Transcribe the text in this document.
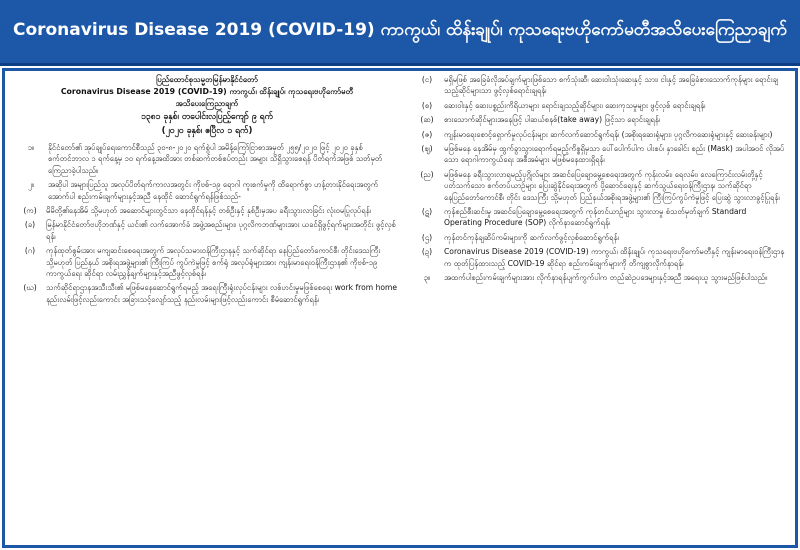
Coronavirus Disease 2019 (COVID-19) ကာကွယ်၊ ထိန်းချုပ်၊ ကုသရေးဗဟိုကော်မတီအသိပေးကြေညာချက်
ပြည်ထောင်စုသမ္မတမြန်မာနိုင်ငံတော်
Coronavirus Disease 2019 (COVID-19) ကာကွယ်၊ ထိန်းချုပ်၊ ကုသရေးဗဟိုကော်မတီ
အသိပေးကြေညာချက်
၁၃၈၁ ခုနှစ်၊ တပေါင်းလပြည့်ကျော် ၉ ရက်
(၂၀၂၀ ခုနှစ်၊ ဧပြီလ ၁ ရက်)
၁။	နိုင်ငံတော်၏ အုပ်ချုပ်ရေးကောင်စီသည် ၃၀-၈-၂၀၂၀ ရက်စွဲပါ အမိန့်ကြော်ငြာစာအမှတ် ၂၅၅/၂၀၂၀ ဖြင့် ၂၀၂၀ ခုနှစ် စက်တင်ဘာလ ၁ ရက်နေ့မှ ၁၀ ရက်နေ့အထိအား တစ်ဆက်တစ်စပ်တည်း အများ သိရှိသွားစေရန် ပိတ်ရက်အဖြစ် သတ်မှတ်ကြေညာခဲ့ပါသည်။
၂။	အဆိုပါ အများပြည်သူ အလုပ်ပိတ်ရက်ကာလအတွင်း ကိုဗစ်-၁၉ ရောဂါ ကူးစက်မှုကို ထိရောက်စွာ ဟန့်တားနိုင်ရေးအတွက် အောက်ပါ စည်းကမ်းချက်များနှင့်အညီ နေထိုင် ဆောင်ရွက်ရန်ဖြစ်သည်-
(က)	မိမိတို့၏နေအိမ် သို့မဟုတ် အဆောင်များတွင်သာ နေထိုင်ရန်နှင့် တစ်ဦးနှင့် နှစ်ဦးမှအပ ခရီးသွားလာခြင်း လုံးဝမပြုလုပ်ရန်၊
(ခ)	မြန်မာနိုင်ငံတော်ဗဟိုဘဏ်နှင့် ယင်း၏ လက်အောက်ခံ အဖွဲ့အစည်းများ၊ ပုဂ္ဂလိကဘဏ်များအား ယခင်ရှိဖွင့်ရက်များအတိုင်း ဖွင့်လှစ်ရန်၊
(ဂ)	ကုန်ထုတ်စွမ်းအား မကျဆင်းစေရေးအတွက် အလုပ်သမားဝန်ကြီးဌာနနှင့် သက်ဆိုင်ရာ နေပြည်တော်ကောင်စီ၊ တိုင်းဒေသကြီး သို့မဟုတ် ပြည်နယ် အစိုးရအဖွဲ့များ၏ ကြီးကြပ် ကွပ်ကဲမှုဖြင့် စက်ရုံ အလုပ်ရုံများအား ကျန်းမာရေးဝန်ကြီးဌာန၏ ကိုဗစ်-၁၉ ကာကွယ်ရေး ဆိုင်ရာ လမ်းညွှန်ချက်များနှင့်အညီဖွင့်လှစ်ရန်၊
(ဃ)	သက်ဆိုင်ရာဌာနအသီးသီး၏ မဖြစ်မနေဆောင်ရွက်ရမည့် အရေးကြီးရုံးလုပ်ငန်းများ လစ်ဟင်းမှုမဖြစ်စေရေး work from home နည်းလမ်းဖြင့်လည်းကောင်း အခြားသင့်လျော်သည့် နည်းလမ်းများဖြင့်လည်းကောင်း စီမံဆောင်ရွက်ရန်၊
(င)	မရှိမဖြစ် အခြေခံလိုအပ်ချက်များဖြစ်သော စက်သုံးဆီ၊ ဆေးဝါးသုံးဆေးနှင့် သား၊ ငါးနှင့် အခြေခံစားသောက်ကုန်များ ရောင်းချသည့်ဆိုင်များသာ ဖွင့်လှစ်ရောင်းချရန်၊
(စ)	ဆေးဝါးနှင့် ဆေးပစ္စည်းကိရိယာများ ရောင်းချသည့်ဆိုင်များ၊ ဆေးကုသမှုများ ဖွင့်လှစ် ရောင်းချရန်၊
(ဆ)	စားသောက်ဆိုင်များအနေဖြင့် ပါဆယ်စနစ်(take away) ဖြင့်သာ ရောင်းချရန်၊
(ဇ)	ကျန်းမာရေးစောင့်ရှောက်မှုလုပ်ငန်းများ ဆက်လက်ဆောင်ရွက်ရန်၊ (အစိုးရဆေးရုံများ၊ ပုဂ္ဂလိကဆေးရုံများနှင့် ဆေးခန်းများ)
(ဈ)	မဖြစ်မနေ နေအိမ်မှ ထွက်ခွာသွားရောက်ရမည့်ကိစ္စရှိမှသာ ပေါ်ပေါက်ပါက ပါးစပ်၊ နှာခေါင်း စည်း (Mask) အပါအဝင် လိုအပ်သော ရောဂါကာကွယ်ရေး အစီအမံများ မဖြစ်မနေထားရှိရန်၊
(ည)	မဖြစ်မနေ ခရီးသွားလာရမည့်ပုဂ္ဂိုလ်များ အဆင်ပြေချောမွေ့စေရေးအတွက် ကုန်းလမ်း၊ ရေလမ်း၊ လေကြောင်းလမ်းတို့နှင့် ပတ်သက်သော စက်တပ်ယာဉ်များ ပြေးဆွဲနိုင်ရေးအတွက် ပို့ဆောင်ရေးနှင့် ဆက်သွယ်ရေးဝန်ကြီးဌာန၊ သက်ဆိုင်ရာ နေပြည်တော်ကောင်စီ၊ တိုင်း ဒေသကြီး သို့မဟုတ် ပြည်နယ်အစိုးရအဖွဲ့များ၏ ကြီးကြပ်ကွပ်ကဲမှုဖြင့် ပြေးဆွဲ သွားလာခွင့်ပြုရန်၊
(ဋ)	ကုန်စည်စီးဆင်းမှု အဆင်ပြေချောမွေ့စေရေးအတွက် ကုန်တင်ယာဉ်များ သွားလာမှု စံသတ်မှတ်ချက် Standard Operating Procedure (SOP) လိုက်နာဆောင်ရွက်ရန်၊
(ဌ)	ကုန်တင်ကုန်ချဆိပ်ကမ်းများကို ဆက်လက်ဖွင့်လှစ်ဆောင်ရွက်ရန်၊
(ဍ)	Coronavirus Disease 2019 (COVID-19) ကာကွယ်၊ ထိန်းချုပ်၊ ကုသရေးဗဟိုကော်မတီနှင့် ကျန်းမာရေးဝန်ကြီးဌာနက ထုတ်ပြန်ထားသည့် COVID-19 ဆိုင်ရာ စည်းကမ်းချက်များကို တိကျစွာလိုက်နာရန်၊
၃။	အထက်ပါစည်းကမ်းချက်များအား လိုက်နာရန်ပျက်ကွက်ပါက တည်ဆဲဥပဒေများနှင့်အညီ အရေးယူ သွားမည်ဖြစ်ပါသည်။
